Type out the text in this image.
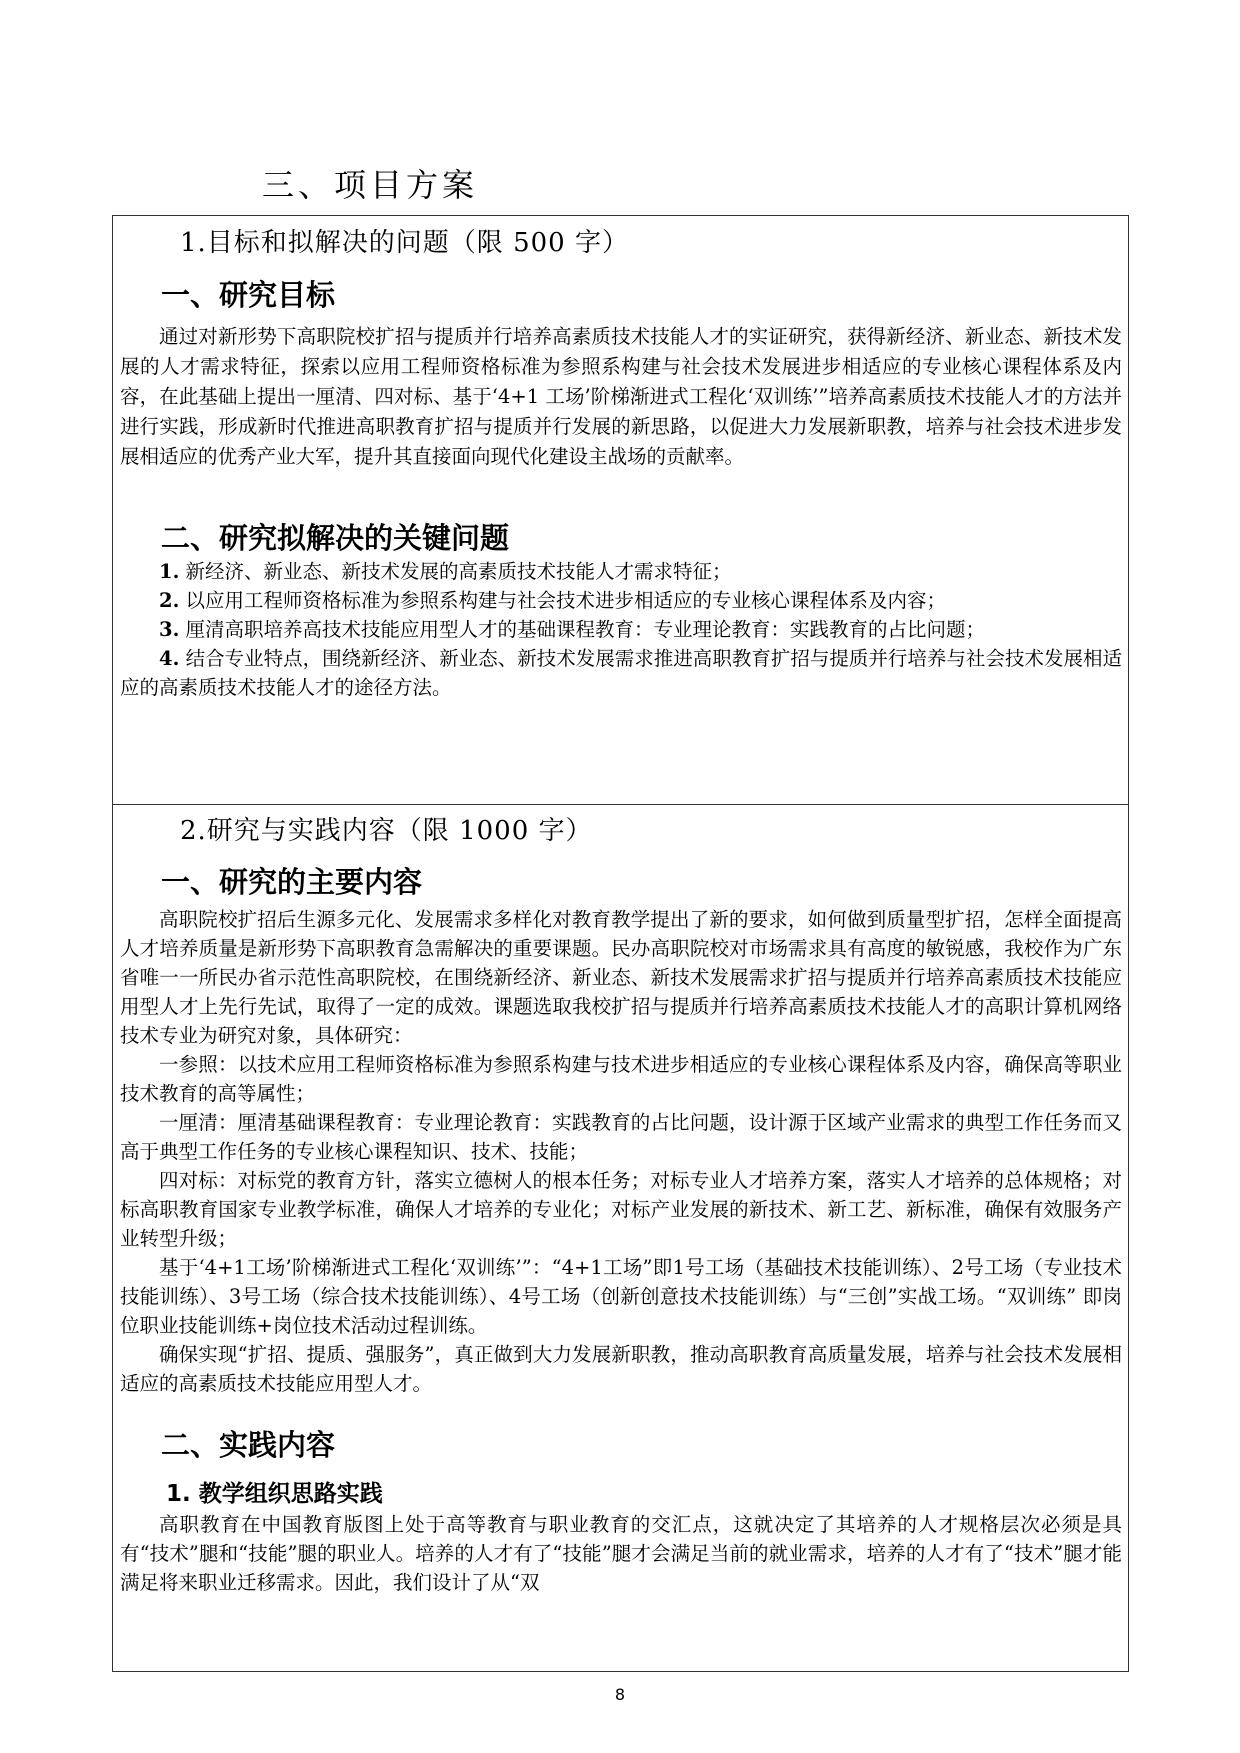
三、项目方案
1.目标和拟解决的问题（限 500 字）
一、研究目标
通过对新形势下高职院校扩招与提质并行培养高素质技术技能人才的实证研究，获得新经济、新业态、新技术发展的人才需求特征，探索以应用工程师资格标准为参照系构建与社会技术发展进步相适应的专业核心课程体系及内容，在此基础上提出一厘清、四对标、基于‘4+1 工场’阶梯渐进式工程化‘双训练’”培养高素质技术技能人才的方法并进行实践，形成新时代推进高职教育扩招与提质并行发展的新思路，以促进大力发展新职教，培养与社会技术进步发展相适应的优秀产业大军，提升其直接面向现代化建设主战场的贡献率。
二、研究拟解决的关键问题
1. 新经济、新业态、新技术发展的高素质技术技能人才需求特征；
2. 以应用工程师资格标准为参照系构建与社会技术进步相适应的专业核心课程体系及内容；
3. 厘清高职培养高技术技能应用型人才的基础课程教育：专业理论教育：实践教育的占比问题；
4. 结合专业特点，围绕新经济、新业态、新技术发展需求推进高职教育扩招与提质并行培养与社会技术发展相适应的高素质技术技能人才的途径方法。
2.研究与实践内容（限 1000 字）
一、研究的主要内容
高职院校扩招后生源多元化、发展需求多样化对教育教学提出了新的要求，如何做到质量型扩招，怎样全面提高人才培养质量是新形势下高职教育急需解决的重要课题。民办高职院校对市场需求具有高度的敏锐感，我校作为广东省唯一一所民办省示范性高职院校，在围绕新经济、新业态、新技术发展需求扩招与提质并行培养高素质技术技能应用型人才上先行先试，取得了一定的成效。课题选取我校扩招与提质并行培养高素质技术技能人才的高职计算机网络技术专业为研究对象，具体研究：
一参照：以技术应用工程师资格标准为参照系构建与技术进步相适应的专业核心课程体系及内容，确保高等职业技术教育的高等属性；
一厘清：厘清基础课程教育：专业理论教育：实践教育的占比问题，设计源于区域产业需求的典型工作任务而又高于典型工作任务的专业核心课程知识、技术、技能；
四对标：对标党的教育方针，落实立德树人的根本任务；对标专业人才培养方案，落实人才培养的总体规格；对标高职教育国家专业教学标准，确保人才培养的专业化；对标产业发展的新技术、新工艺、新标准，确保有效服务产业转型升级；
基于‘4+1工场’阶梯渐进式工程化‘双训练’”：“4+1工场”即1号工场（基础技术技能训练）、2号工场（专业技术技能训练）、3号工场（综合技术技能训练）、4号工场（创新创意技术技能训练）与“三创”实战工场。“双训练” 即岗位职业技能训练+岗位技术活动过程训练。
确保实现“扩招、提质、强服务”，真正做到大力发展新职教，推动高职教育高质量发展，培养与社会技术发展相适应的高素质技术技能应用型人才。
二、实践内容
1. 教学组织思路实践
高职教育在中国教育版图上处于高等教育与职业教育的交汇点，这就决定了其培养的人才规格层次必须是具有“技术”腿和“技能”腿的职业人。培养的人才有了“技能”腿才会满足当前的就业需求，培养的人才有了“技术”腿才能满足将来职业迁移需求。因此，我们设计了从“双
8
